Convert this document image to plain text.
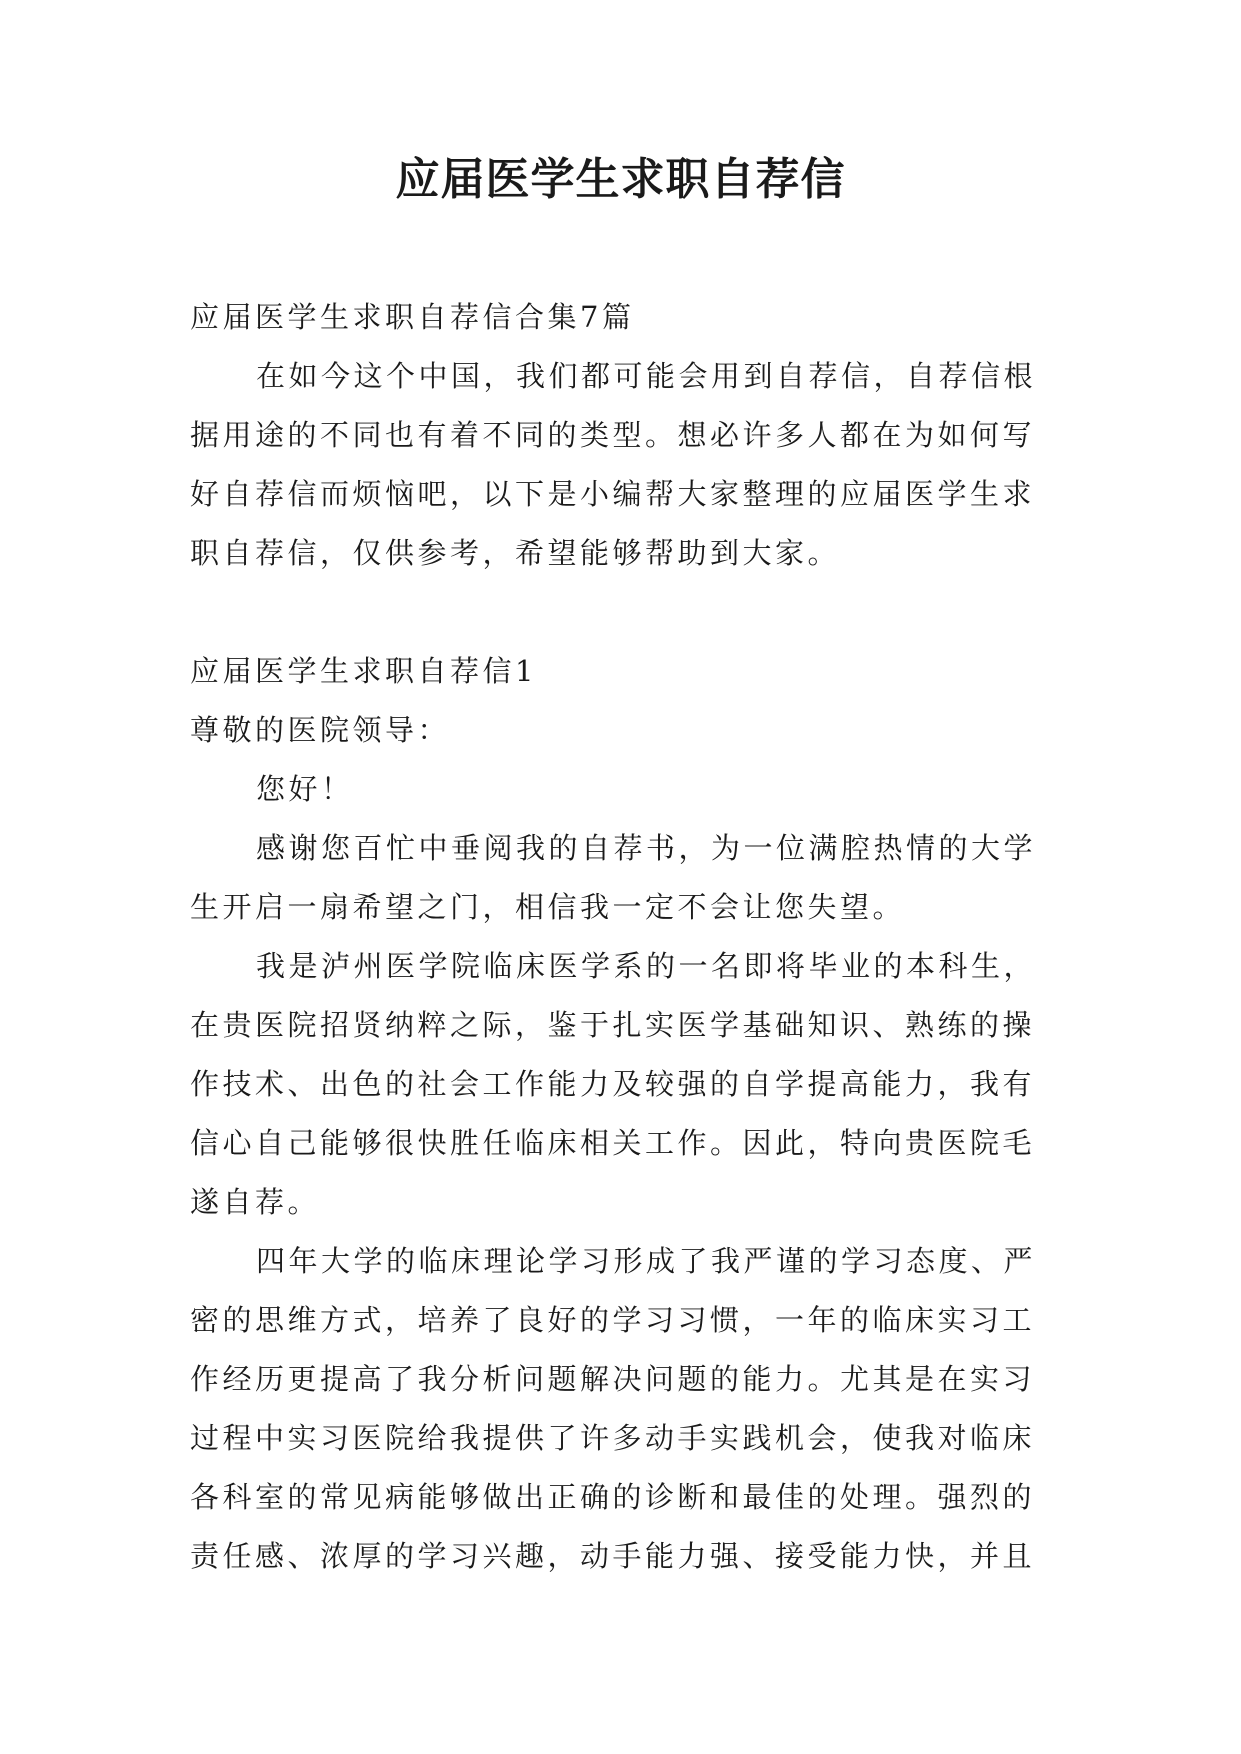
应届医学生求职自荐信

应届医学生求职自荐信合集7篇

在如今这个中国，我们都可能会用到自荐信，自荐信根据用途的不同也有着不同的类型。想必许多人都在为如何写好自荐信而烦恼吧，以下是小编帮大家整理的应届医学生求职自荐信，仅供参考，希望能够帮助到大家。

应届医学生求职自荐信1

尊敬的医院领导：

您好！

感谢您百忙中垂阅我的自荐书，为一位满腔热情的大学生开启一扇希望之门，相信我一定不会让您失望。

我是泸州医学院临床医学系的一名即将毕业的本科生，在贵医院招贤纳粹之际，鉴于扎实医学基础知识、熟练的操作技术、出色的社会工作能力及较强的自学提高能力，我有信心自己能够很快胜任临床相关工作。因此，特向贵医院毛遂自荐。

四年大学的临床理论学习形成了我严谨的学习态度、严密的思维方式，培养了良好的学习习惯，一年的临床实习工作经历更提高了我分析问题解决问题的能力。尤其是在实习过程中实习医院给我提供了许多动手实践机会，使我对临床各科室的常见病能够做出正确的诊断和最佳的处理。强烈的责任感、浓厚的学习兴趣，动手能力强、接受能力快，并且
